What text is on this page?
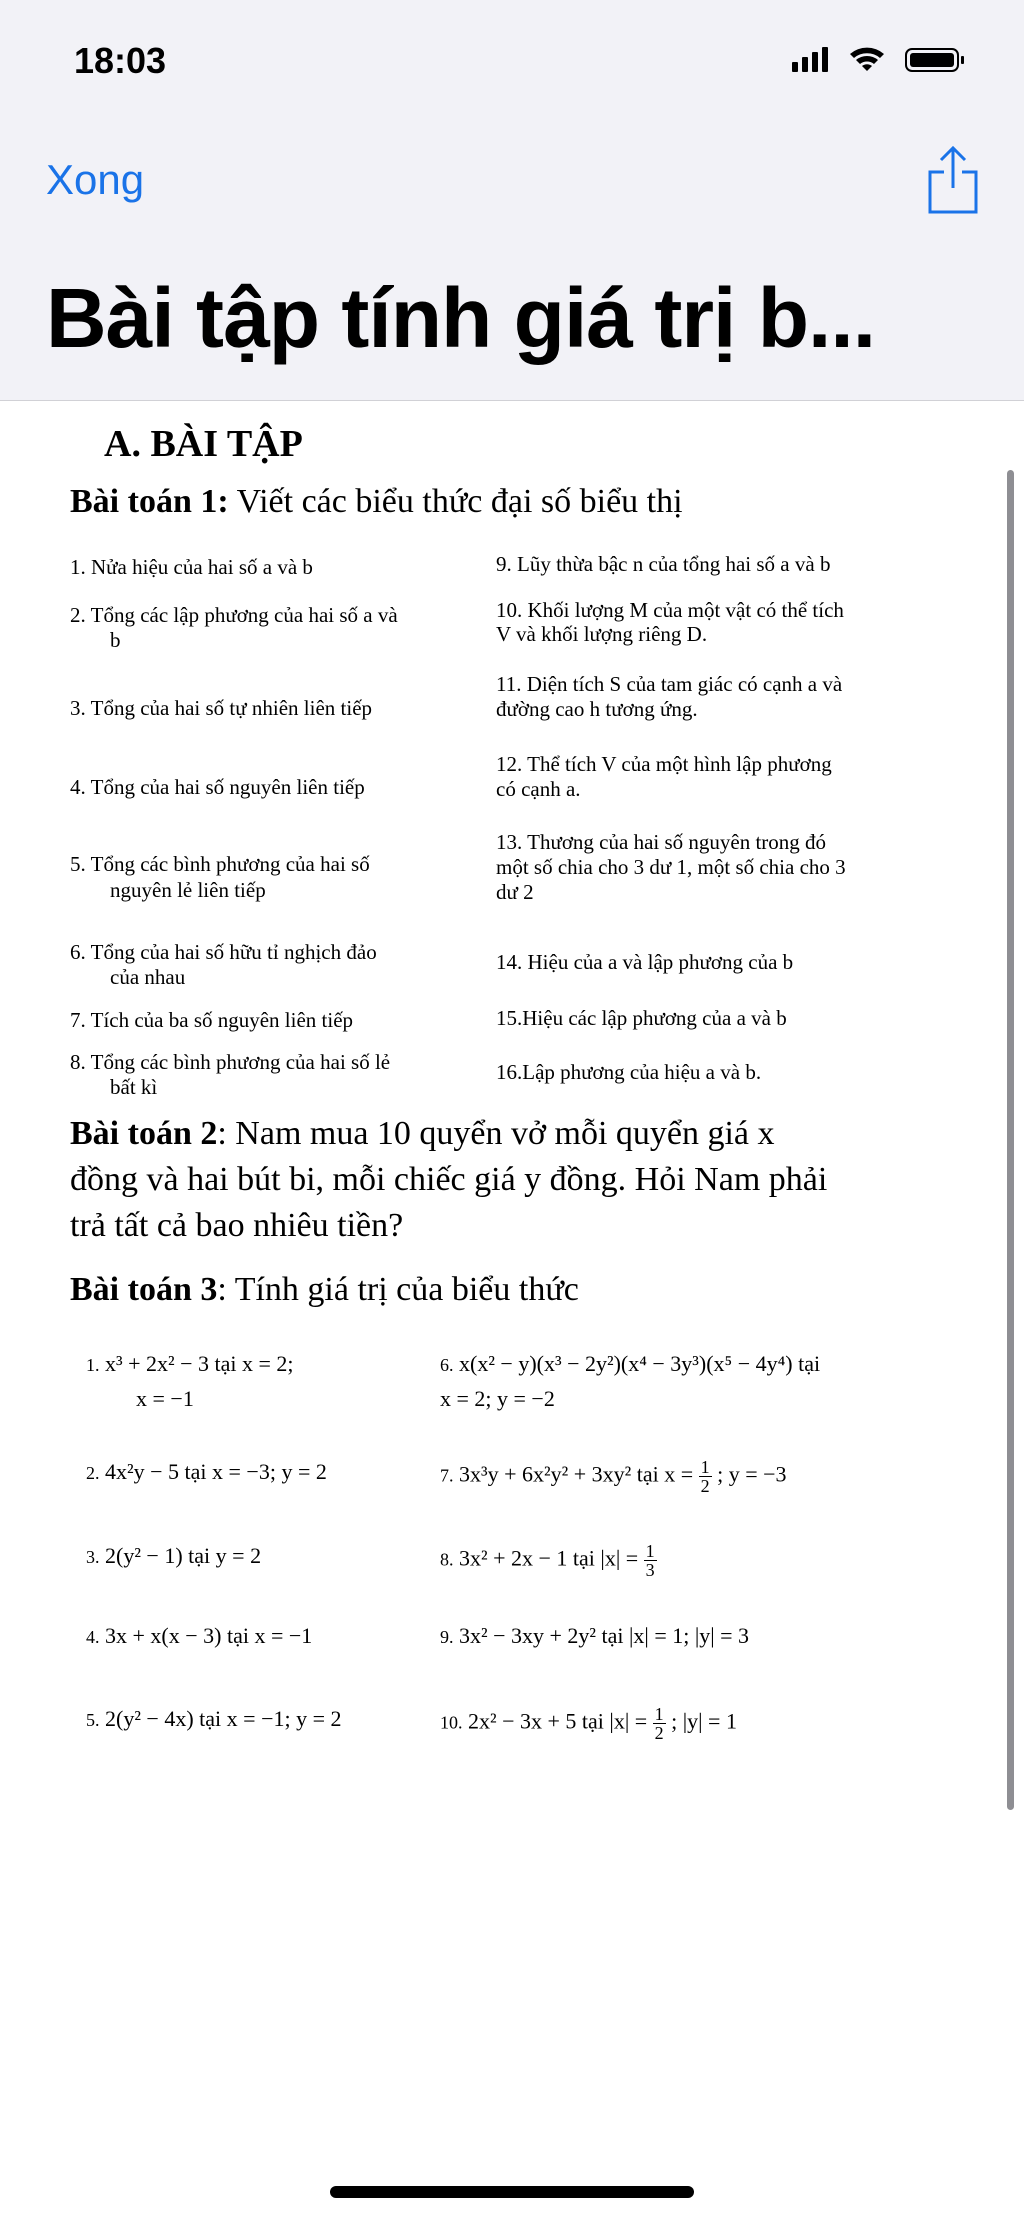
18:03
Xong
Bài tập tính giá trị b...
A. BÀI TẬP
Bài toán 1: Viết các biểu thức đại số biểu thị
1. Nửa hiệu của hai số a và b
2. Tổng các lập phương của hai số a và
b
3. Tổng của hai số tự nhiên liên tiếp
4. Tổng của hai số nguyên liên tiếp
5. Tổng các bình phương của hai số
nguyên lẻ liên tiếp
6. Tổng của hai số hữu tỉ nghịch đảo
của nhau
7. Tích của ba số nguyên liên tiếp
8. Tổng các bình phương của hai số lẻ
bất kì
9. Lũy thừa bậc n của tổng hai số a và b
10. Khối lượng M của một vật có thể tích
V và khối lượng riêng D.
11. Diện tích S của tam giác có cạnh a và
đường cao h tương ứng.
12. Thể tích V của một hình lập phương
có cạnh a.
13. Thương của hai số nguyên trong đó
một số chia cho 3 dư 1, một số chia cho 3
dư 2
14. Hiệu của a và lập phương của b
15.Hiệu các lập phương của a và b
16.Lập phương của hiệu a và b.
Bài toán 2: Nam mua 10 quyển vở mỗi quyển giá x
đồng và hai bút bi, mỗi chiếc giá y đồng. Hỏi Nam phải
trả tất cả bao nhiêu tiền?
Bài toán 3: Tính giá trị của biểu thức
1. x³ + 2x² − 3 tại x = 2;
x = −1
2. 4x²y − 5 tại x = −3; y = 2
3. 2(y² − 1) tại y = 2
4. 3x + x(x − 3) tại x = −1
5. 2(y² − 4x) tại x = −1; y = 2
6. x(x² − y)(x³ − 2y²)(x⁴ − 3y³)(x⁵ − 4y⁴) tại
x = 2; y = −2
7. 3x³y + 6x²y² + 3xy² tại $x = \frac{1}{2}$ ; y = −3
8. 3x² + 2x − 1 tại $|x| = \frac{1}{3}$
9. 3x² − 3xy + 2y² tại |x| = 1; |y| = 3
10. 2x² − 3x + 5 tại $|x| = \frac{1}{2}$ ; |y| = 1
